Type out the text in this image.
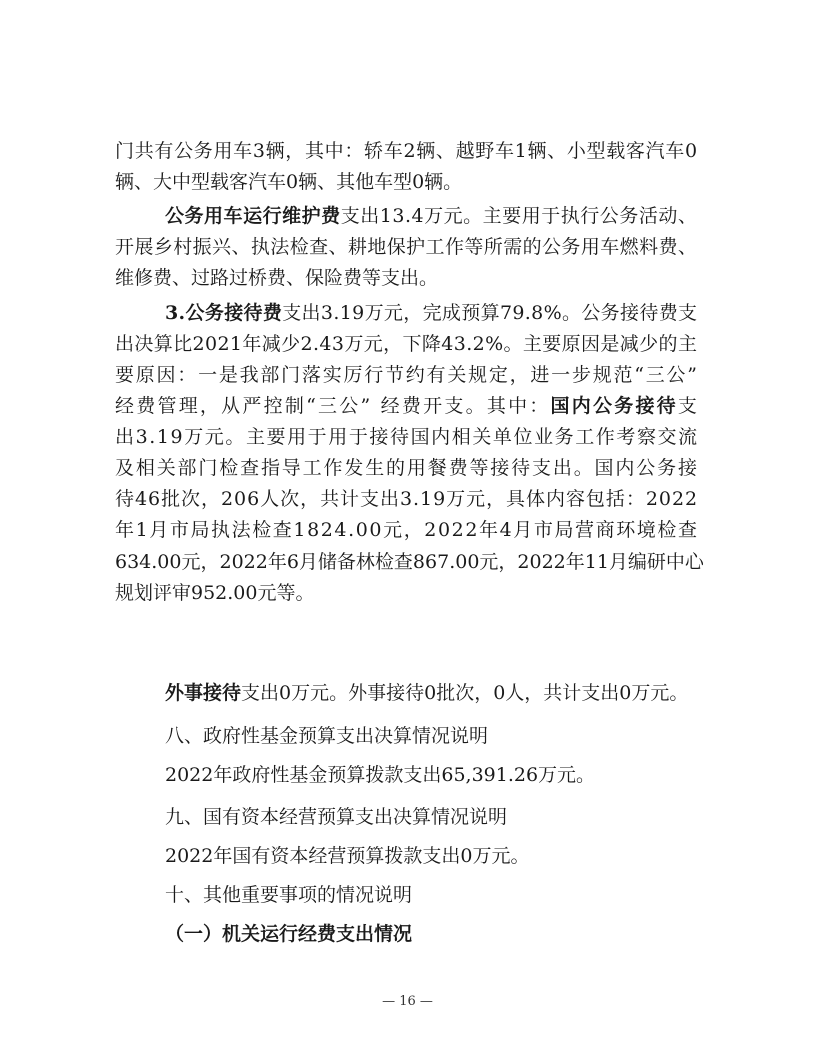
门共有公务用车3辆，其中：轿车2辆、越野车1辆、小型载客汽车0
辆、大中型载客汽车0辆、其他车型0辆。
公务用车运行维护费支出13.4万元。主要用于执行公务活动、
开展乡村振兴、执法检查、耕地保护工作等所需的公务用车燃料费、
维修费、过路过桥费、保险费等支出。
3.公务接待费支出3.19万元，完成预算79.8%。公务接待费支
出决算比2021年减少2.43万元，下降43.2%。主要原因是减少的主
要原因：一是我部门落实厉行节约有关规定，进一步规范“三公”
经费管理，从严控制“三公” 经费开支。其中：国内公务接待支
出3.19万元。主要用于用于接待国内相关单位业务工作考察交流
及相关部门检查指导工作发生的用餐费等接待支出。国内公务接
待46批次，206人次，共计支出3.19万元，具体内容包括：2022
年1月市局执法检查1824.00元，2022年4月市局营商环境检查
634.00元，2022年6月储备林检查867.00元，2022年11月编研中心
规划评审952.00元等。
外事接待支出0万元。外事接待0批次，0人，共计支出0万元。
八、政府性基金预算支出决算情况说明
2022年政府性基金预算拨款支出65,391.26万元。
九、国有资本经营预算支出决算情况说明
2022年国有资本经营预算拨款支出0万元。
十、其他重要事项的情况说明
（一）机关运行经费支出情况
— 16 —
